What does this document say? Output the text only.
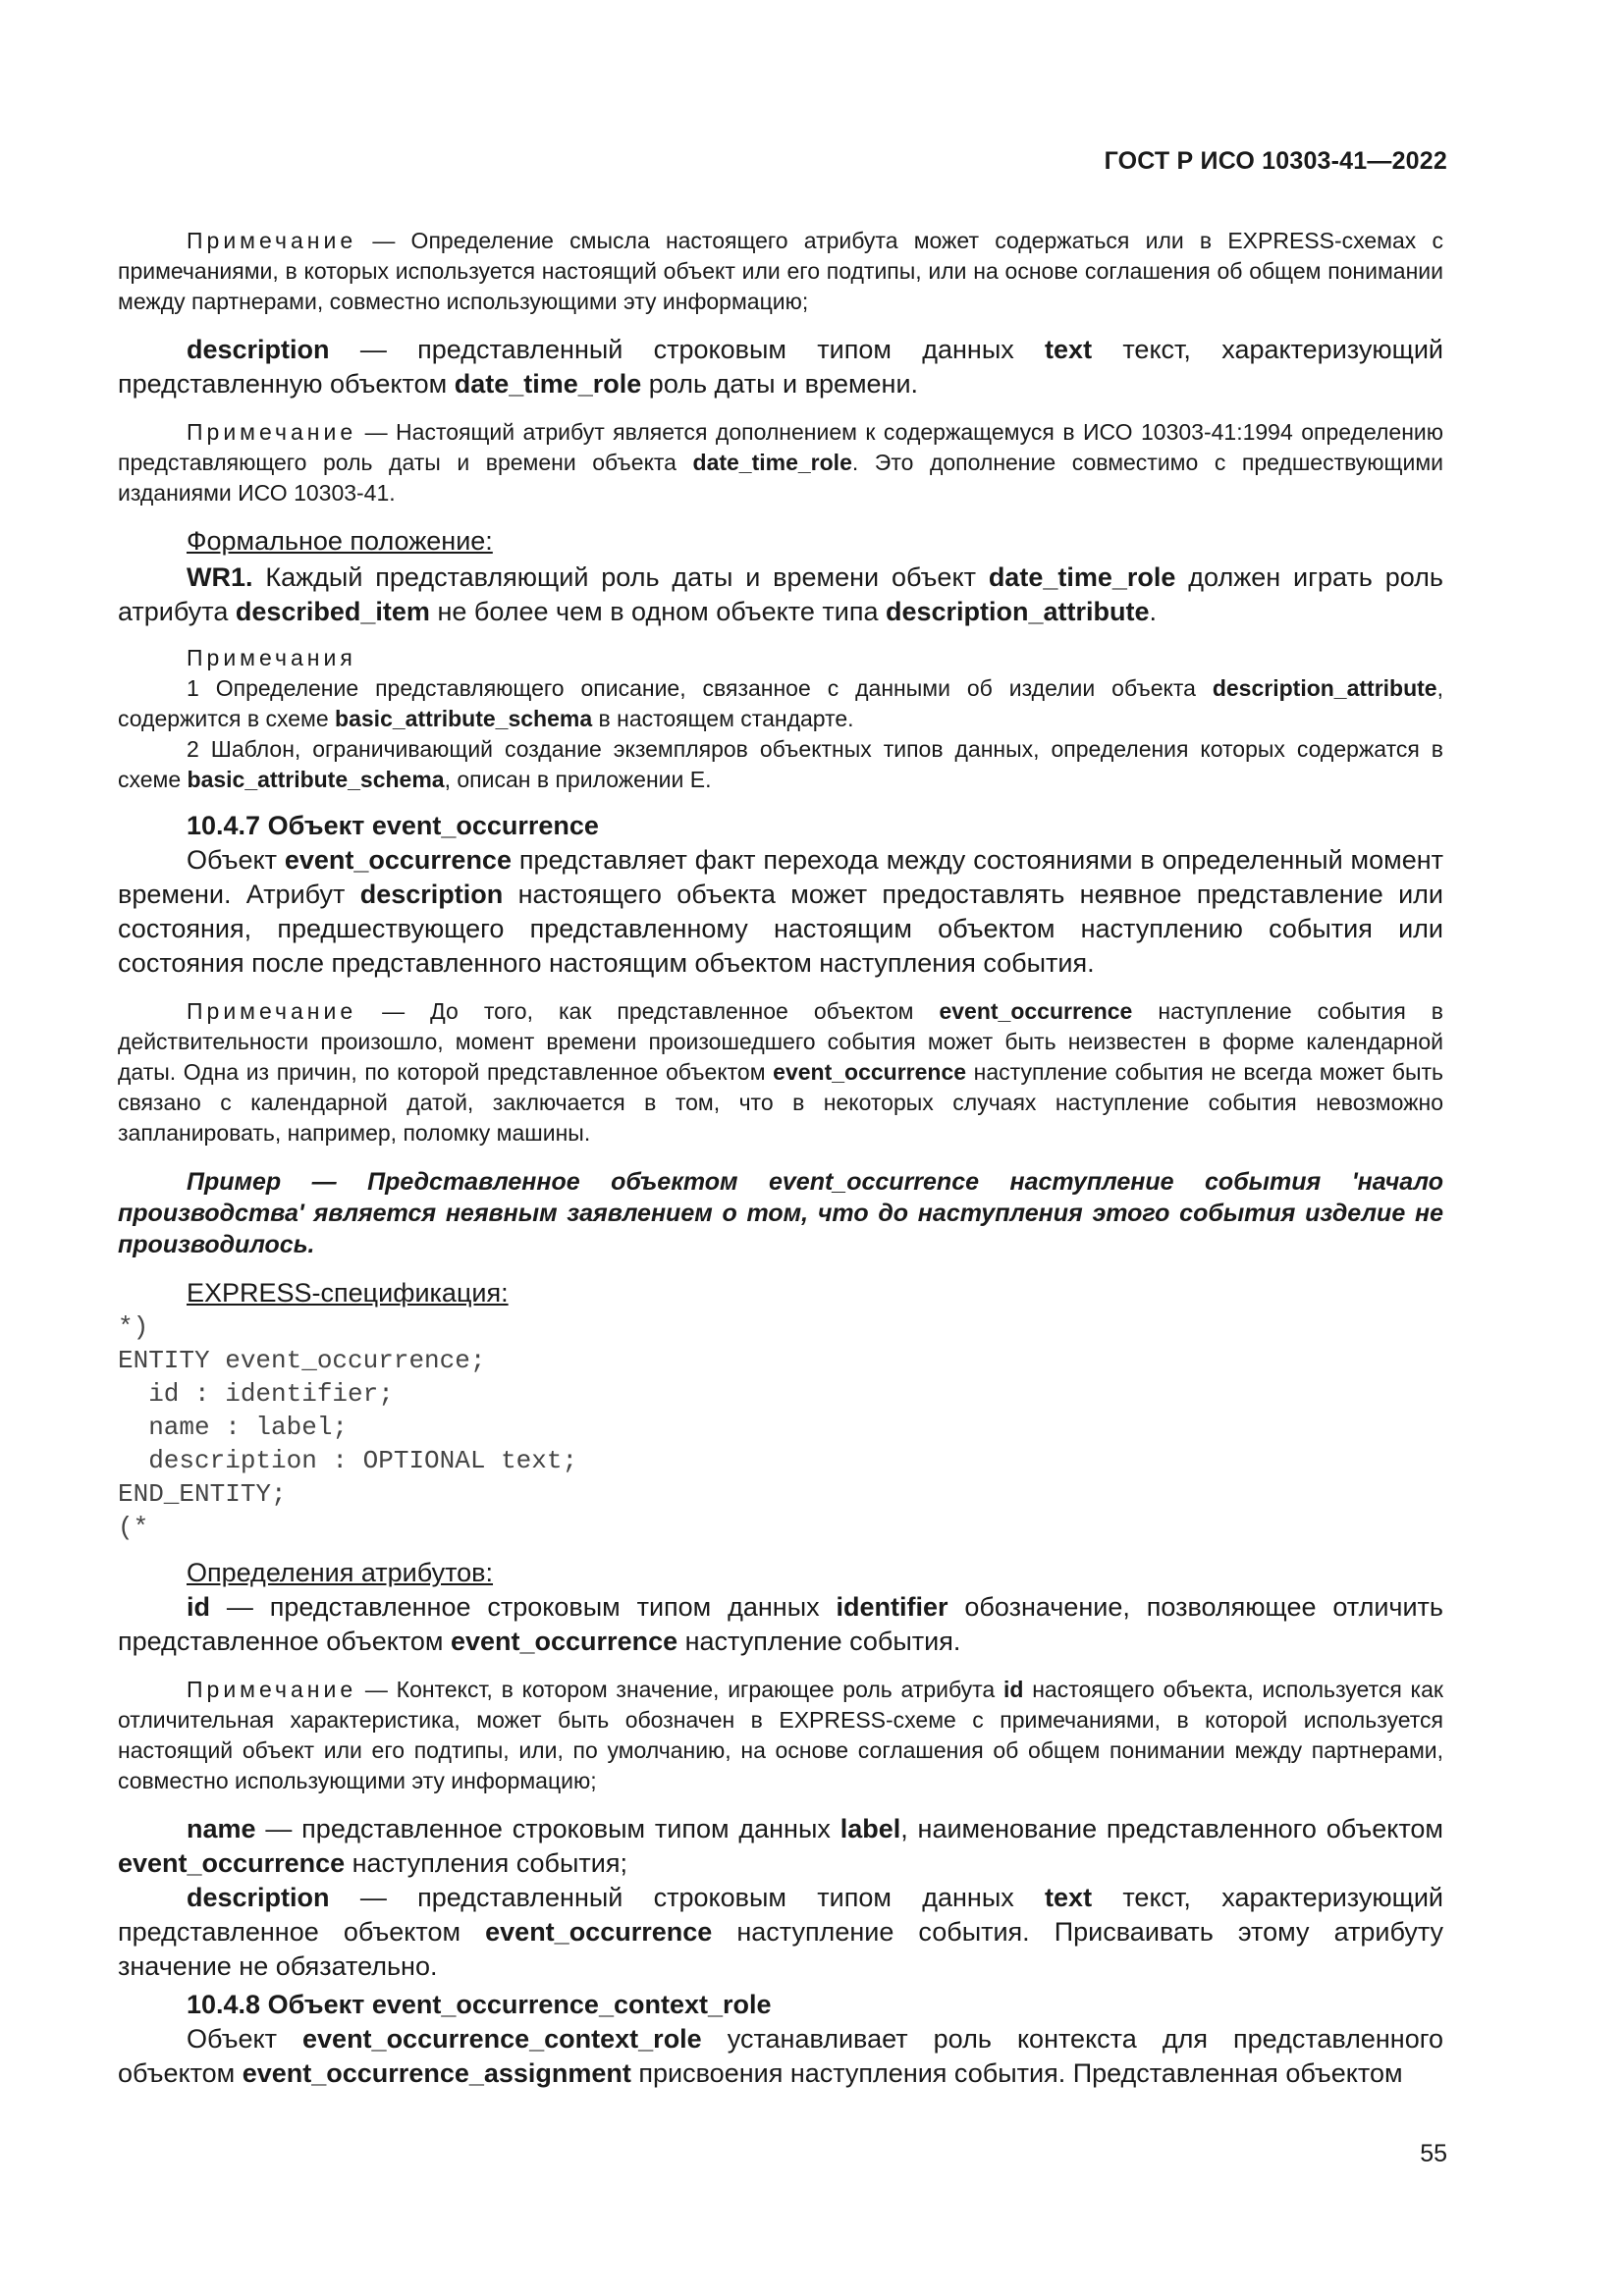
ГОСТ Р ИСО 10303-41—2022

Примечание — Определение смысла настоящего атрибута может содержаться или в EXPRESS-схемах с примечаниями, в которых используется настоящий объект или его подтипы, или на основе соглашения об общем понимании между партнерами, совместно использующими эту информацию;

description — представленный строковым типом данных text текст, характеризующий представленную объектом date_time_role роль даты и времени.

Примечание — Настоящий атрибут является дополнением к содержащемуся в ИСО 10303-41:1994 определению представляющего роль даты и времени объекта date_time_role. Это дополнение совместимо с предшествующими изданиями ИСО 10303-41.

Формальное положение:

WR1. Каждый представляющий роль даты и времени объект date_time_role должен играть роль атрибута described_item не более чем в одном объекте типа description_attribute.

Примечания

1 Определение представляющего описание, связанное с данными об изделии объекта description_attribute, содержится в схеме basic_attribute_schema в настоящем стандарте.

2 Шаблон, ограничивающий создание экземпляров объектных типов данных, определения которых содержатся в схеме basic_attribute_schema, описан в приложении Е.

10.4.7 Объект event_occurrence

Объект event_occurrence представляет факт перехода между состояниями в определенный момент времени. Атрибут description настоящего объекта может предоставлять неявное представление или состояния, предшествующего представленному настоящим объектом наступлению события или состояния после представленного настоящим объектом наступления события.

Примечание — До того, как представленное объектом event_occurrence наступление события в действительности произошло, момент времени произошедшего события может быть неизвестен в форме календарной даты. Одна из причин, по которой представленное объектом event_occurrence наступление события не всегда может быть связано с календарной датой, заключается в том, что в некоторых случаях наступление события невозможно запланировать, например, поломку машины.

Пример — Представленное объектом event_occurrence наступление события 'начало производства' является неявным заявлением о том, что до наступления этого события изделие не производилось.

EXPRESS-спецификация:

*)
ENTITY event_occurrence;
id : identifier;
name : label;
description : OPTIONAL text;
END_ENTITY;
(*

Определения атрибутов:

id — представленное строковым типом данных identifier обозначение, позволяющее отличить представленное объектом event_occurrence наступление события.

Примечание — Контекст, в котором значение, играющее роль атрибута id настоящего объекта, используется как отличительная характеристика, может быть обозначен в EXPRESS-схеме с примечаниями, в которой используется настоящий объект или его подтипы, или, по умолчанию, на основе соглашения об общем понимании между партнерами, совместно использующими эту информацию;

name — представленное строковым типом данных label, наименование представленного объектом event_occurrence наступления события;

description — представленный строковым типом данных text текст, характеризующий представленное объектом event_occurrence наступление события. Присваивать этому атрибуту значение не обязательно.

10.4.8 Объект event_occurrence_context_role

Объект event_occurrence_context_role устанавливает роль контекста для представленного объектом event_occurrence_assignment присвоения наступления события. Представленная объектом

55
